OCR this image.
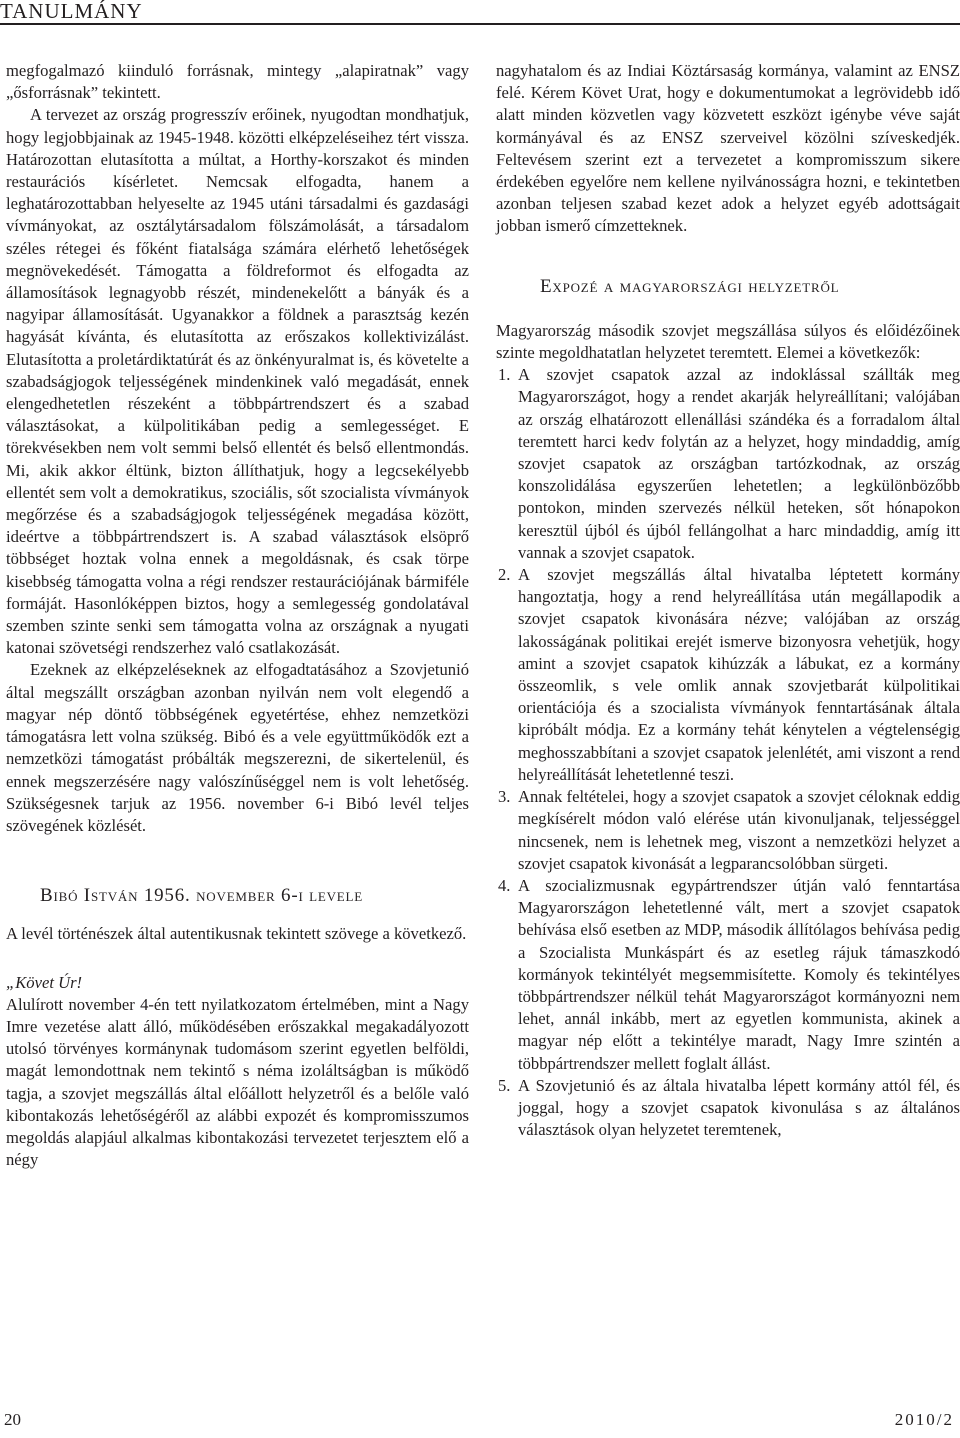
TANULMÁNY

megfogalmazó kiinduló forrásnak, mintegy „alapiratnak” vagy „ősforrásnak” tekintett.

A tervezet az ország progresszív erőinek, nyugodtan mondhatjuk, hogy legjobbjainak az 1945-1948. közötti elképzeléseihez tért vissza. Határozottan elutasította a múltat, a Horthy-korszakot és minden restaurációs kísérletet. Nemcsak elfogadta, hanem a leghatározottabban helyeselte az 1945 utáni társadalmi és gazdasági vívmányokat, az osztálytársadalom fölszámolását, a társadalom széles rétegei és főként fiatalsága számára elérhető lehetőségek megnövekedését. Támogatta a földreformot és elfogadta az államosítások legnagyobb részét, mindenekelőtt a bányák és a nagyipar államosítását. Ugyanakkor a földnek a parasztság kezén hagyását kívánta, és elutasította az erőszakos kollektivizálást. Elutasította a proletárdiktatúrát és az önkényuralmat is, és követelte a szabadságjogok teljességének mindenkinek való megadását, ennek elengedhetetlen részeként a többpártrendszert és a szabad választásokat, a külpolitikában pedig a semlegességet. E törekvésekben nem volt semmi belső ellentét és belső ellentmondás. Mi, akik akkor éltünk, bizton állíthatjuk, hogy a legcsekélyebb ellentét sem volt a demokratikus, szociális, sőt szocialista vívmányok megőrzése és a szabadságjogok teljességének megadása között, ideértve a többpártrendszert is. A szabad választások elsöprő többséget hoztak volna ennek a megoldásnak, és csak törpe kisebbség támogatta volna a régi rendszer restaurációjának bármiféle formáját. Hasonlóképpen biztos, hogy a semlegesség gondolatával szemben szinte senki sem támogatta volna az országnak a nyugati katonai szövetségi rendszerhez való csatlakozását.

Ezeknek az elképzeléseknek az elfogadtatásához a Szovjetunió által megszállt országban azonban nyilván nem volt elegendő a magyar nép döntő többségének egyetértése, ehhez nemzetközi támogatásra lett volna szükség. Bibó és a vele együttműködők ezt a nemzetközi támogatást próbálták megszerezni, de sikertelenül, és ennek megszerzésére nagy valószínűséggel nem is volt lehetőség. Szükségesnek tarjuk az 1956. november 6-i Bibó levél teljes szövegének közlését.

Bibó István 1956. november 6-i levele

A levél történészek által autentikusnak tekintett szövege a következő.

„Követ Úr!

Alulírott november 4-én tett nyilatkozatom értelmében, mint a Nagy Imre vezetése alatt álló, működésében erőszakkal megakadályozott utolsó törvényes kormánynak tudomásom szerint egyetlen belföldi, magát lemondottnak nem tekintő s néma izoláltságban is működő tagja, a szovjet megszállás által előállott helyzetről és a belőle való kibontakozás lehetőségéről az alábbi expozét és kompromisszumos megoldás alapjául alkalmas kibontakozási tervezetet terjesztem elő a négy

nagyhatalom és az Indiai Köztársaság kormánya, valamint az ENSZ felé. Kérem Követ Urat, hogy e dokumentumokat a legrövidebb idő alatt minden közvetlen vagy közvetett eszközt igénybe véve saját kormányával és az ENSZ szerveivel közölni szíveskedjék. Feltevésem szerint ezt a tervezetet a kompromisszum sikere érdekében egyelőre nem kellene nyilvánosságra hozni, e tekintetben azonban teljesen szabad kezet adok a helyzet egyéb adottságait jobban ismerő címzetteknek.

Expozé a magyarországi helyzetről

Magyarország második szovjet megszállása súlyos és előidézőinek szinte megoldhatatlan helyzetet teremtett. Elemei a következők:

1. A szovjet csapatok azzal az indoklással szállták meg Magyarországot, hogy a rendet akarják helyreállítani; valójában az ország elhatározott ellenállási szándéka és a forradalom által teremtett harci kedv folytán az a helyzet, hogy mindaddig, amíg szovjet csapatok az országban tartózkodnak, az ország konszolidálása egyszerűen lehetetlen; a legkülönbözőbb pontokon, minden szervezés nélkül heteken, sőt hónapokon keresztül újból és újból fellángolhat a harc mindaddig, amíg itt vannak a szovjet csapatok.
2. A szovjet megszállás által hivatalba léptetett kormány hangoztatja, hogy a rend helyreállítása után megállapodik a szovjet csapatok kivonására nézve; valójában az ország lakosságának politikai erejét ismerve bizonyosra vehetjük, hogy amint a szovjet csapatok kihúzzák a lábukat, ez a kormány összeomlik, s vele omlik annak szovjetbarát külpolitikai orientációja és a szocialista vívmányok fenntartásának általa kipróbált módja. Ez a kormány tehát kénytelen a végtelenségig meghosszabbítani a szovjet csapatok jelenlétét, ami viszont a rend helyreállítását lehetetlenné teszi.
3. Annak feltételei, hogy a szovjet csapatok a szovjet céloknak eddig megkísérelt módon való elérése után kivonuljanak, teljességgel nincsenek, nem is lehetnek meg, viszont a nemzetközi helyzet a szovjet csapatok kivonását a legparancsolóbban sürgeti.
4. A szocializmusnak egypártrendszer útján való fenntartása Magyarországon lehetetlenné vált, mert a szovjet csapatok behívása első esetben az MDP, második állítólagos behívása pedig a Szocialista Munkáspárt és az esetleg rájuk támaszkodó kormányok tekintélyét megsemmisítette. Komoly és tekintélyes többpártrendszer nélkül tehát Magyarországot kormányozni nem lehet, annál inkább, mert az egyetlen kommunista, akinek a magyar nép előtt a tekintélye maradt, Nagy Imre szintén a többpártrendszer mellett foglalt állást.
5. A Szovjetunió és az általa hivatalba lépett kormány attól fél, és joggal, hogy a szovjet csapatok kivonulása s az általános választások olyan helyzetet teremtenek,
20	2010/2
